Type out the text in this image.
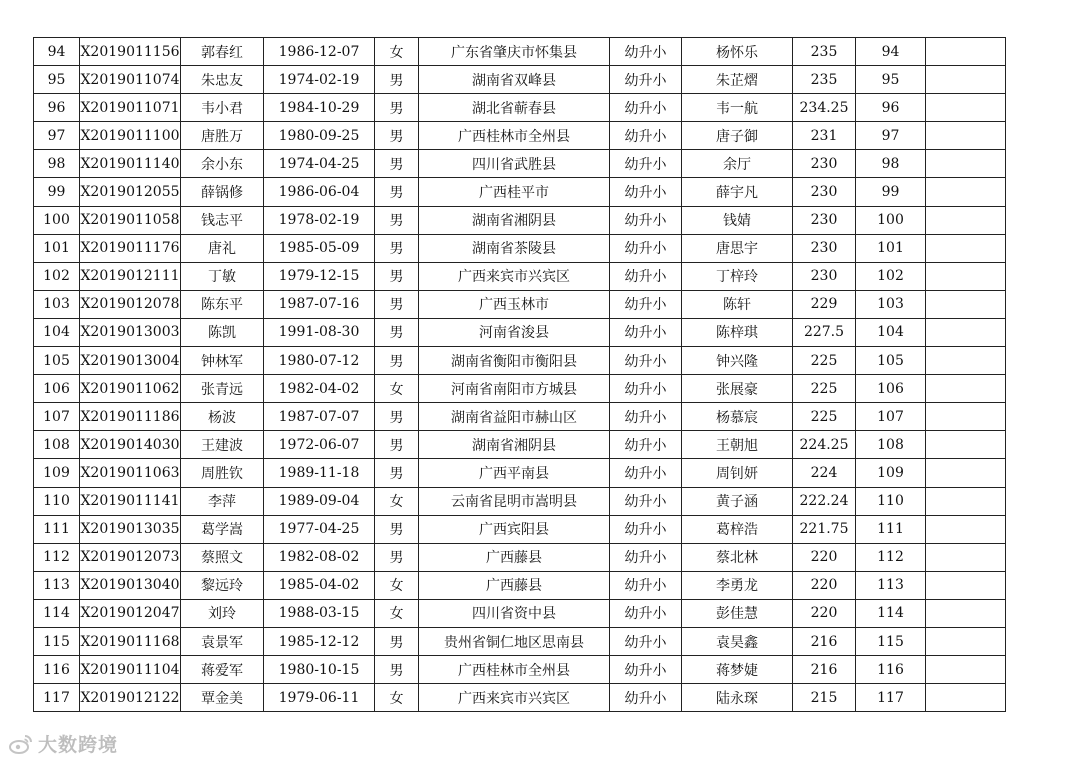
94	X2019011156	郭春红	1986-12-07	女	广东省肇庆市怀集县	幼升小	杨怀乐	235	94	
95	X2019011074	朱忠友	1974-02-19	男	湖南省双峰县	幼升小	朱芷熠	235	95	
96	X2019011071	韦小君	1984-10-29	男	湖北省蕲春县	幼升小	韦一航	234.25	96	
97	X2019011100	唐胜万	1980-09-25	男	广西桂林市全州县	幼升小	唐子御	231	97	
98	X2019011140	余小东	1974-04-25	男	四川省武胜县	幼升小	余厅	230	98	
99	X2019012055	薛锅修	1986-06-04	男	广西桂平市	幼升小	薛宇凡	230	99	
100	X2019011058	钱志平	1978-02-19	男	湖南省湘阴县	幼升小	钱婧	230	100	
101	X2019011176	唐礼	1985-05-09	男	湖南省茶陵县	幼升小	唐思宇	230	101	
102	X2019012111	丁敏	1979-12-15	男	广西来宾市兴宾区	幼升小	丁梓玲	230	102	
103	X2019012078	陈东平	1987-07-16	男	广西玉林市	幼升小	陈轩	229	103	
104	X2019013003	陈凯	1991-08-30	男	河南省浚县	幼升小	陈梓琪	227.5	104	
105	X2019013004	钟林军	1980-07-12	男	湖南省衡阳市衡阳县	幼升小	钟兴隆	225	105	
106	X2019011062	张青远	1982-04-02	女	河南省南阳市方城县	幼升小	张展豪	225	106	
107	X2019011186	杨波	1987-07-07	男	湖南省益阳市赫山区	幼升小	杨慕宸	225	107	
108	X2019014030	王建波	1972-06-07	男	湖南省湘阴县	幼升小	王朝旭	224.25	108	
109	X2019011063	周胜钦	1989-11-18	男	广西平南县	幼升小	周钊妍	224	109	
110	X2019011141	李萍	1989-09-04	女	云南省昆明市嵩明县	幼升小	黄子涵	222.24	110	
111	X2019013035	葛学嵩	1977-04-25	男	广西宾阳县	幼升小	葛梓浩	221.75	111	
112	X2019012073	蔡照文	1982-08-02	男	广西藤县	幼升小	蔡北林	220	112	
113	X2019013040	黎远玲	1985-04-02	女	广西藤县	幼升小	李勇龙	220	113	
114	X2019012047	刘玲	1988-03-15	女	四川省资中县	幼升小	彭佳慧	220	114	
115	X2019011168	袁景军	1985-12-12	男	贵州省铜仁地区思南县	幼升小	袁昊鑫	216	115	
116	X2019011104	蒋爱军	1980-10-15	男	广西桂林市全州县	幼升小	蒋梦婕	216	116	
117	X2019012122	覃金美	1979-06-11	女	广西来宾市兴宾区	幼升小	陆永琛	215	117	
大数跨境
